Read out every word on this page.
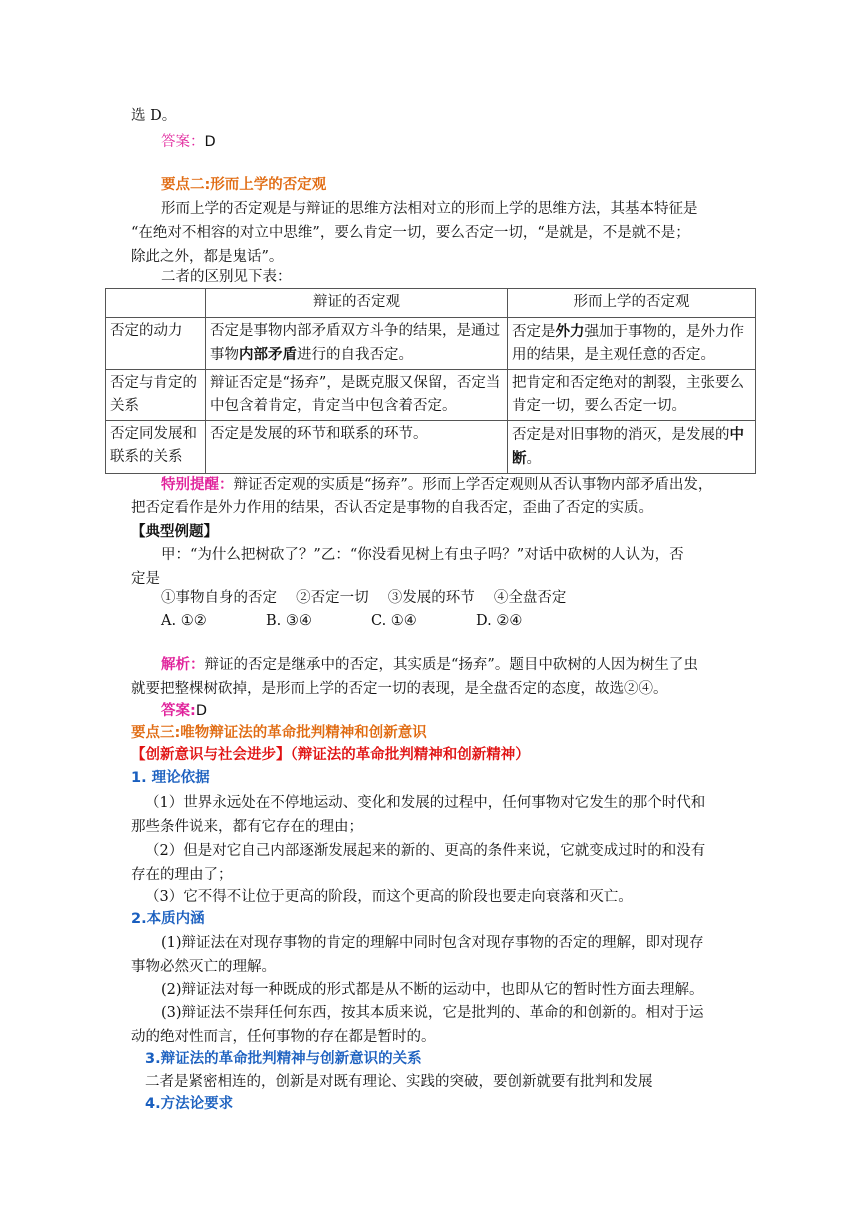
选 D。
答案：D
要点二:形而上学的否定观
形而上学的否定观是与辩证的思维方法相对立的形而上学的思维方法，其基本特征是
“在绝对不相容的对立中思维”，要么肯定一切，要么否定一切，“是就是，不是就不是；
除此之外，都是鬼话”。
二者的区别见下表：
	辩证的否定观	形而上学的否定观
否定的动力	否定是事物内部矛盾双方斗争的结果，是通过事物内部矛盾进行的自我否定。	否定是外力强加于事物的，是外力作用的结果，是主观任意的否定。
否定与肯定的
关系	辩证否定是“扬弃”，是既克服又保留，否定当中包含着肯定，肯定当中包含着否定。	把肯定和否定绝对的割裂，主张要么肯定一切，要么否定一切。
否定同发展和
联系的关系	否定是发展的环节和联系的环节。	否定是对旧事物的消灭，是发展的中断。
特别提醒：辩证否定观的实质是“扬弃”。形而上学否定观则从否认事物内部矛盾出发，
把否定看作是外力作用的结果，否认否定是事物的自我否定，歪曲了否定的实质。
【典型例题】
甲：“为什么把树砍了？”乙：“你没看见树上有虫子吗？”对话中砍树的人认为，否
定是
①事物自身的否定　 ②否定一切　 ③发展的环节　 ④全盘否定
A. ①②	B. ③④	C. ①④	D. ②④
解析：辩证的否定是继承中的否定，其实质是“扬弃”。题目中砍树的人因为树生了虫
就要把整棵树砍掉，是形而上学的否定一切的表现，是全盘否定的态度，故选②④。
答案:D
要点三:唯物辩证法的革命批判精神和创新意识
【创新意识与社会进步】（辩证法的革命批判精神和创新精神）
1. 理论依据
（1）世界永远处在不停地运动、变化和发展的过程中，任何事物对它发生的那个时代和
那些条件说来，都有它存在的理由；
（2）但是对它自己内部逐渐发展起来的新的、更高的条件来说，它就变成过时的和没有
存在的理由了；
（3）它不得不让位于更高的阶段，而这个更高的阶段也要走向衰落和灭亡。
2.本质内涵
(1)辩证法在对现存事物的肯定的理解中同时包含对现存事物的否定的理解，即对现存
事物必然灭亡的理解。
(2)辩证法对每一种既成的形式都是从不断的运动中，也即从它的暂时性方面去理解。
(3)辩证法不崇拜任何东西，按其本质来说，它是批判的、革命的和创新的。相对于运
动的绝对性而言，任何事物的存在都是暂时的。
3.辩证法的革命批判精神与创新意识的关系
二者是紧密相连的，创新是对既有理论、实践的突破，要创新就要有批判和发展
4.方法论要求
